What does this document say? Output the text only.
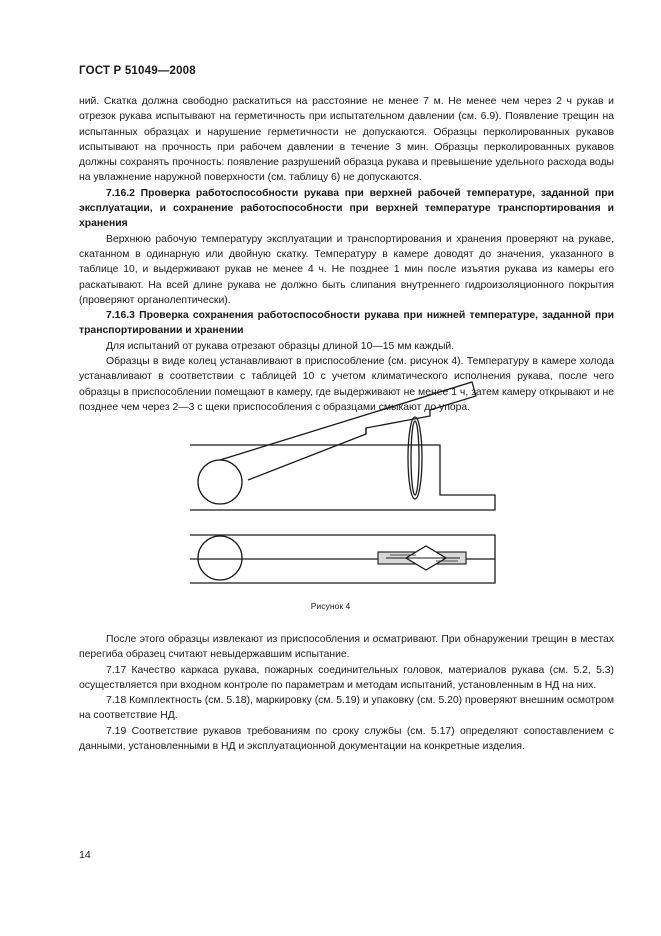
ГОСТ Р 51049—2008

ний. Скатка должна свободно раскатиться на расстояние не менее 7 м. Не менее чем через 2 ч рукав и отрезок рукава испытывают на герметичность при испытательном давлении (см. 6.9). Появление трещин на испытанных образцах и нарушение герметичности не допускаются. Образцы перколированных рукавов испытывают на прочность при рабочем давлении в течение 3 мин. Образцы перколированных рукавов должны сохранять прочность: появление разрушений образца рукава и превышение удельного расхода воды на увлажнение наружной поверхности (см. таблицу 6) не допускаются.

7.16.2 Проверка работоспособности рукава при верхней рабочей температуре, заданной при эксплуатации, и сохранение работоспособности при верхней температуре транспортирования и хранения

Верхнюю рабочую температуру эксплуатации и транспортирования и хранения проверяют на рукаве, скатанном в одинарную или двойную скатку. Температуру в камере доводят до значения, указанного в таблице 10, и выдерживают рукав не менее 4 ч. Не позднее 1 мин после изъятия рукава из камеры его раскатывают. На всей длине рукава не должно быть слипания внутреннего гидроизоляционного покрытия (проверяют органолептически).

7.16.3 Проверка сохранения работоспособности рукава при нижней температуре, заданной при транспортировании и хранении

Для испытаний от рукава отрезают образцы длиной 10—15 мм каждый.

Образцы в виде колец устанавливают в приспособление (см. рисунок 4). Температуру в камере холода устанавливают в соответствии с таблицей 10 с учетом климатического исполнения рукава, после чего образцы в приспособлении помещают в камеру, где выдерживают не менее 1 ч, затем камеру открывают и не позднее чем через 2—3 с щеки приспособления с образцами смыкают до упора.

Рисунок 4

После этого образцы извлекают из приспособления и осматривают. При обнаружении трещин в местах перегиба образец считают невыдержавшим испытание.

7.17 Качество каркаса рукава, пожарных соединительных головок, материалов рукава (см. 5.2, 5.3) осуществляется при входном контроле по параметрам и методам испытаний, установленным в НД на них.

7.18 Комплектность (см. 5.18), маркировку (см. 5.19) и упаковку (см. 5.20) проверяют внешним осмотром на соответствие НД.

7.19 Соответствие рукавов требованиям по сроку службы (см. 5.17) определяют сопоставлением с данными, установленными в НД и эксплуатационной документации на конкретные изделия.

14
